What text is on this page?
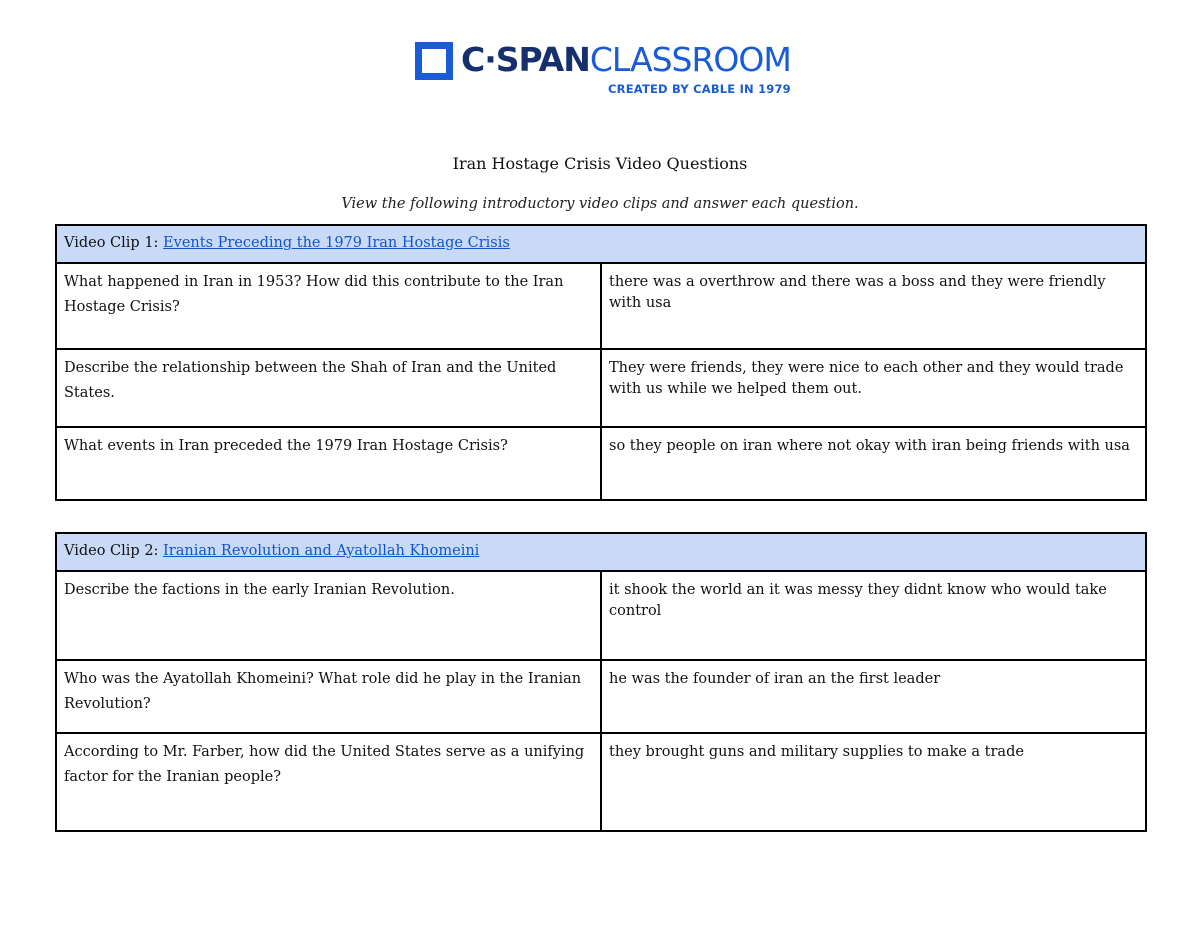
C·SPANCLASSROOM
CREATED BY CABLE IN 1979
Iran Hostage Crisis Video Questions
View the following introductory video clips and answer each question.
Video Clip 1: Events Preceding the 1979 Iran Hostage Crisis	
What happened in Iran in 1953? How did this contribute to the Iran Hostage Crisis?	there was a overthrow and there was a boss and they were friendly with usa
Describe the relationship between the Shah of Iran and the United States.	They were friends, they were nice to each other and they would trade with us while we helped them out.
What events in Iran preceded the 1979 Iran Hostage Crisis?	so they people on iran where not okay with iran being friends with usa
Video Clip 2: Iranian Revolution and Ayatollah Khomeini	
Describe the factions in the early Iranian Revolution.	it shook the world an it was messy they didnt know who would take control
Who was the Ayatollah Khomeini? What role did he play in the Iranian Revolution?	he was the founder of iran an the first leader
According to Mr. Farber, how did the United States serve as a unifying factor for the Iranian people?	they brought guns and military supplies to make a trade
